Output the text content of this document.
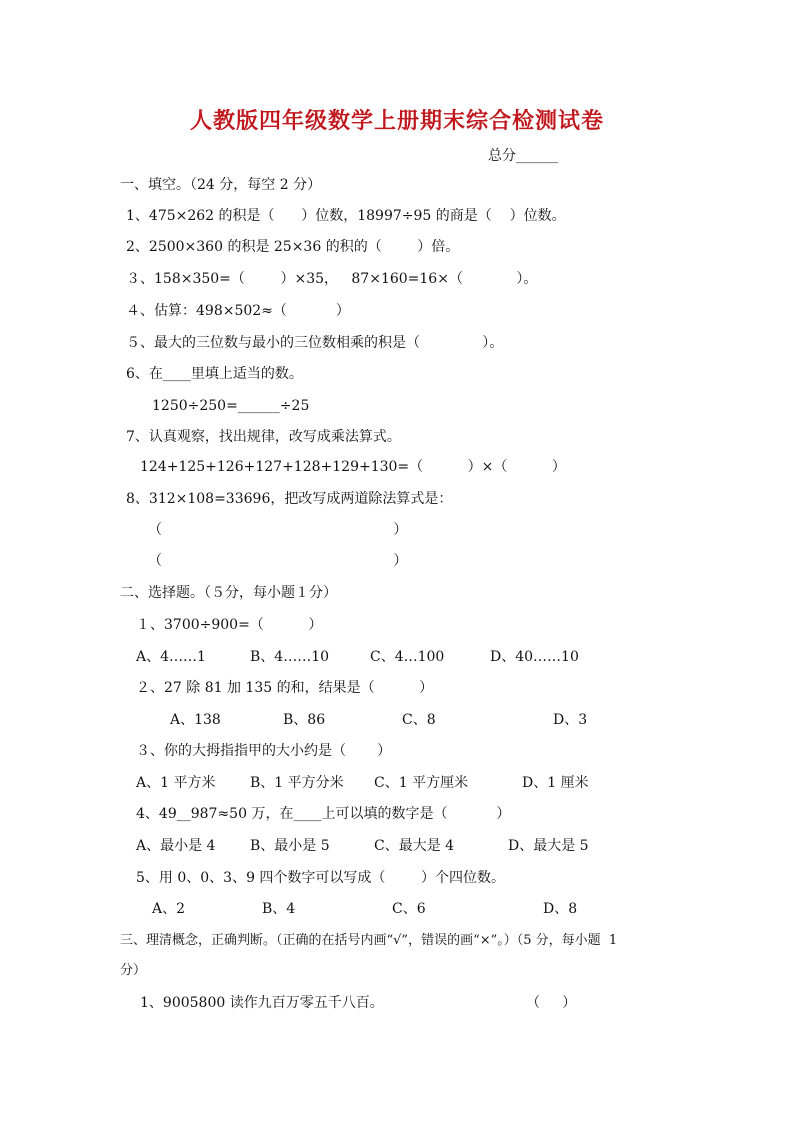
人教版四年级数学上册期末综合检测试卷
总分______
一、填空。（24 分，每空 2 分）
1、475×262 的积是（      ）位数，18997÷95 的商是（    ）位数。
2、2500×360 的积是 25×36 的积的（        ）倍。
３、158×350=（        ）×35，   87×160=16×（            ）。
４、估算：498×502≈（           ）
５、最大的三位数与最小的三位数相乘的积是（              ）。
6、在____里填上适当的数。
1250÷250=______÷25
7、认真观察，找出规律，改写成乘法算式。
124+125+126+127+128+129+130=（          ）×（          ）
8、312×108=33696，把改写成两道除法算式是：
（                                                    ）
（                                                    ）
二、选择题。（５分，每小题１分）
１、3700÷900=（          ）
A、4……1	B、4……10	C、4…100	D、40……10
２、27 除 81 加 135 的和，结果是（          ）
A、138	B、86	C、8	D、3
３、你的大拇指指甲的大小约是（       ）
A、1 平方米 B、1 平方分米 C、1 平方厘米	D、1 厘米
4、49__987≈50 万，在____上可以填的数字是（           ）
A、最小是 4 B、最小是 5	C、最大是 4	D、最大是 5
5、用 0、0、3、9 四个数字可以写成（        ）个四位数。
A、2	B、4	C、6	D、8
三、理清概念，正确判断。（正确的在括号内画“√”，错误的画“×”。）（5 分，每小题  1
分）
1、9005800 读作九百万零五千八百。	（     ）
